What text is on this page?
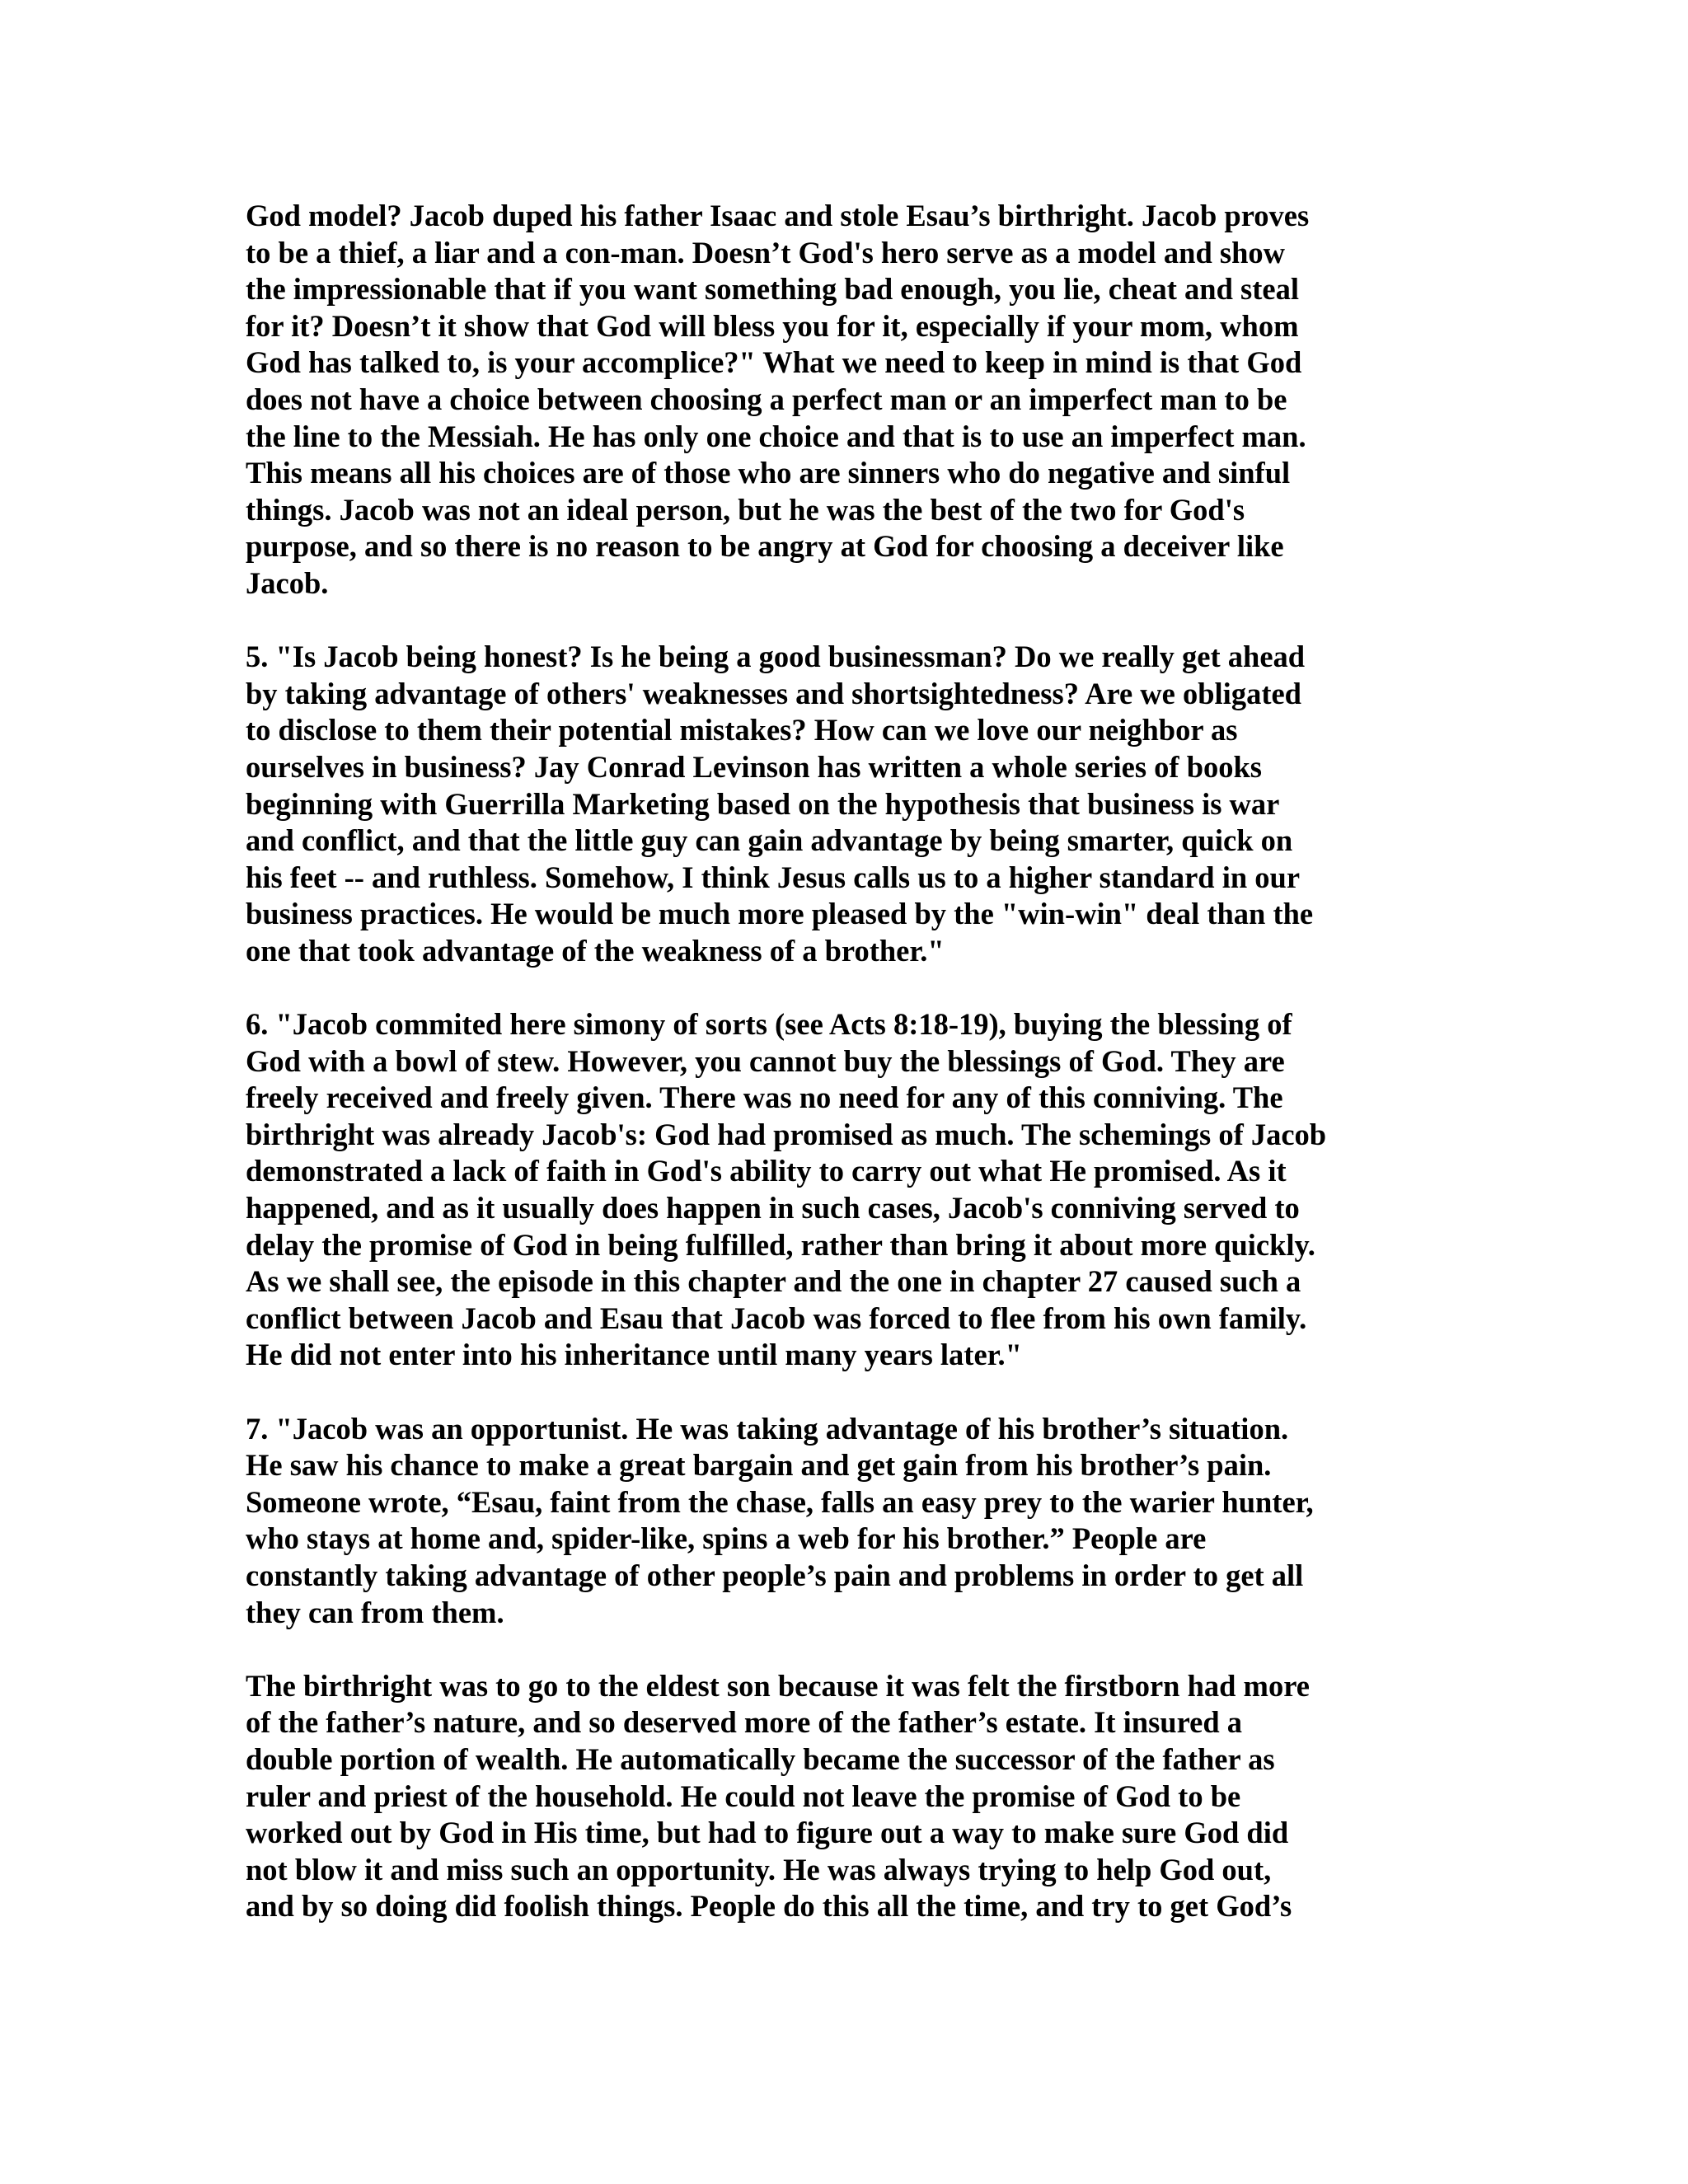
God model? Jacob duped his father Isaac and stole Esau’s birthright. Jacob proves
to be a thief, a liar and a con-man. Doesn’t God's hero serve as a model and show
the impressionable that if you want something bad enough, you lie, cheat and steal
for it? Doesn’t it show that God will bless you for it, especially if your mom, whom
God has talked to, is your accomplice?" What we need to keep in mind is that God
does not have a choice between choosing a perfect man or an imperfect man to be
the line to the Messiah. He has only one choice and that is to use an imperfect man.
This means all his choices are of those who are sinners who do negative and sinful
things. Jacob was not an ideal person, but he was the best of the two for God's
purpose, and so there is no reason to be angry at God for choosing a deceiver like
Jacob.
5. "Is Jacob being honest? Is he being a good businessman? Do we really get ahead
by taking advantage of others' weaknesses and shortsightedness? Are we obligated
to disclose to them their potential mistakes? How can we love our neighbor as
ourselves in business? Jay Conrad Levinson has written a whole series of books
beginning with Guerrilla Marketing based on the hypothesis that business is war
and conflict, and that the little guy can gain advantage by being smarter, quick on
his feet -- and ruthless. Somehow, I think Jesus calls us to a higher standard in our
business practices. He would be much more pleased by the "win-win" deal than the
one that took advantage of the weakness of a brother."
6. "Jacob commited here simony of sorts (see Acts 8:18-19), buying the blessing of
God with a bowl of stew. However, you cannot buy the blessings of God. They are
freely received and freely given. There was no need for any of this conniving. The
birthright was already Jacob's: God had promised as much. The schemings of Jacob
demonstrated a lack of faith in God's ability to carry out what He promised. As it
happened, and as it usually does happen in such cases, Jacob's conniving served to
delay the promise of God in being fulfilled, rather than bring it about more quickly.
As we shall see, the episode in this chapter and the one in chapter 27 caused such a
conflict between Jacob and Esau that Jacob was forced to flee from his own family.
He did not enter into his inheritance until many years later."
7. "Jacob was an opportunist. He was taking advantage of his brother’s situation.
He saw his chance to make a great bargain and get gain from his brother’s pain.
Someone wrote, “Esau, faint from the chase, falls an easy prey to the warier hunter,
who stays at home and, spider-like, spins a web for his brother.” People are
constantly taking advantage of other people’s pain and problems in order to get all
they can from them.
The birthright was to go to the eldest son because it was felt the firstborn had more
of the father’s nature, and so deserved more of the father’s estate. It insured a
double portion of wealth. He automatically became the successor of the father as
ruler and priest of the household. He could not leave the promise of God to be
worked out by God in His time, but had to figure out a way to make sure God did
not blow it and miss such an opportunity. He was always trying to help God out,
and by so doing did foolish things. People do this all the time, and try to get God’s
